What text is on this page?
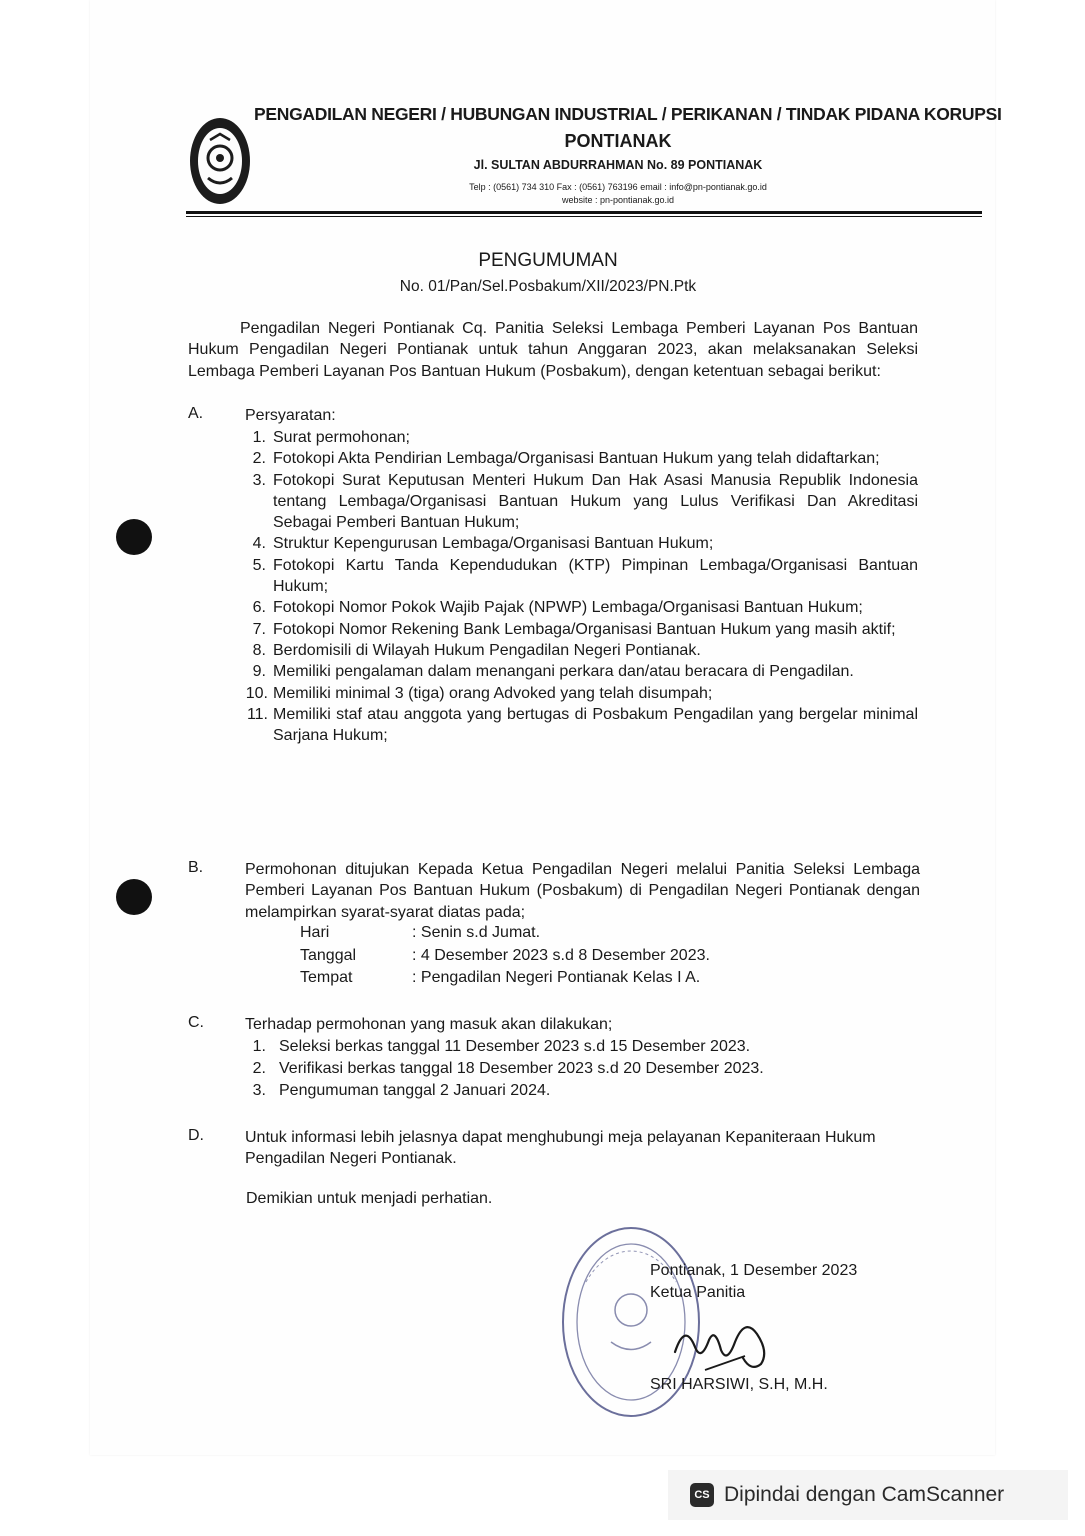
PENGADILAN NEGERI / HUBUNGAN INDUSTRIAL / PERIKANAN / TINDAK PIDANA KORUPSI
PONTIANAK
Jl. SULTAN ABDURRAHMAN No. 89 PONTIANAK
Telp : (0561) 734 310 Fax : (0561) 763196 email : info@pn-pontianak.go.id
website : pn-pontianak.go.id
PENGUMUMAN
No. 01/Pan/Sel.Posbakum/XII/2023/PN.Ptk

Pengadilan Negeri Pontianak Cq. Panitia Seleksi Lembaga Pemberi Layanan Pos Bantuan Hukum Pengadilan Negeri Pontianak untuk tahun Anggaran 2023, akan melaksanakan Seleksi Lembaga Pemberi Layanan Pos Bantuan Hukum (Posbakum), dengan ketentuan sebagai berikut:

A.	Persyaratan:
1. Surat permohonan;
2. Fotokopi Akta Pendirian Lembaga/Organisasi Bantuan Hukum yang telah didaftarkan;
3. Fotokopi Surat Keputusan Menteri Hukum Dan Hak Asasi Manusia Republik Indonesia tentang Lembaga/Organisasi Bantuan Hukum yang Lulus Verifikasi Dan Akreditasi Sebagai Pemberi Bantuan Hukum;
4. Struktur Kepengurusan Lembaga/Organisasi Bantuan Hukum;
5. Fotokopi Kartu Tanda Kependudukan (KTP) Pimpinan Lembaga/Organisasi Bantuan Hukum;
6. Fotokopi Nomor Pokok Wajib Pajak (NPWP) Lembaga/Organisasi Bantuan Hukum;
7. Fotokopi Nomor Rekening Bank Lembaga/Organisasi Bantuan Hukum yang masih aktif;
8. Berdomisili di Wilayah Hukum Pengadilan Negeri Pontianak.
9. Memiliki pengalaman dalam menangani perkara dan/atau beracara di Pengadilan.
10. Memiliki minimal 3 (tiga) orang Advoked yang telah disumpah;
11. Memiliki staf atau anggota yang bertugas di Posbakum Pengadilan yang bergelar minimal Sarjana Hukum;
B.	Permohonan ditujukan Kepada Ketua Pengadilan Negeri melalui Panitia Seleksi Lembaga Pemberi Layanan Pos Bantuan Hukum (Posbakum) di Pengadilan Negeri Pontianak dengan melampirkan syarat-syarat diatas pada;
Hari	: Senin s.d Jumat.
Tanggal	: 4 Desember 2023 s.d 8 Desember 2023.
Tempat	: Pengadilan Negeri Pontianak Kelas I A.
C.	Terhadap permohonan yang masuk akan dilakukan;
1. Seleksi berkas tanggal 11 Desember 2023 s.d 15 Desember 2023.
2. Verifikasi berkas tanggal 18 Desember 2023 s.d 20 Desember 2023.
3. Pengumuman tanggal 2 Januari 2024.
D.	Untuk informasi lebih jelasnya dapat menghubungi meja pelayanan Kepaniteraan Hukum Pengadilan Negeri Pontianak.
Demikian untuk menjadi perhatian.
Pontianak, 1 Desember 2023
Ketua Panitia
SRI HARSIWI, S.H, M.H.
CS Dipindai dengan CamScanner
